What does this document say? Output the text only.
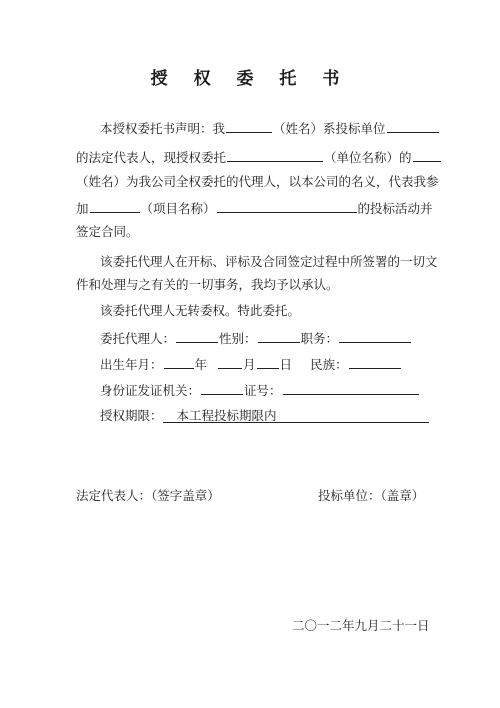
授 权 委 托 书
本授权委托书声明：我	（姓名）系投标单位
的法定代表人，现授权委托	（单位名称）的
（姓名）为我公司全权委托的代理人，以本公司的名义，代表我参
加	（项目名称）	的投标活动并
签定合同。
该委托代理人在开标、评标及合同签定过程中所签署的一切文
件和处理与之有关的一切事务，我均予以承认。
该委托代理人无转委权。特此委托。
委托代理人：	性别：	职务：
出生年月：	年	月 日 民族：
身份证发证机关：	证号：
授权期限： 本工程投标期限内
法定代表人：（签字盖章）	投标单位：（盖章）
二〇一二年九月二十一日
